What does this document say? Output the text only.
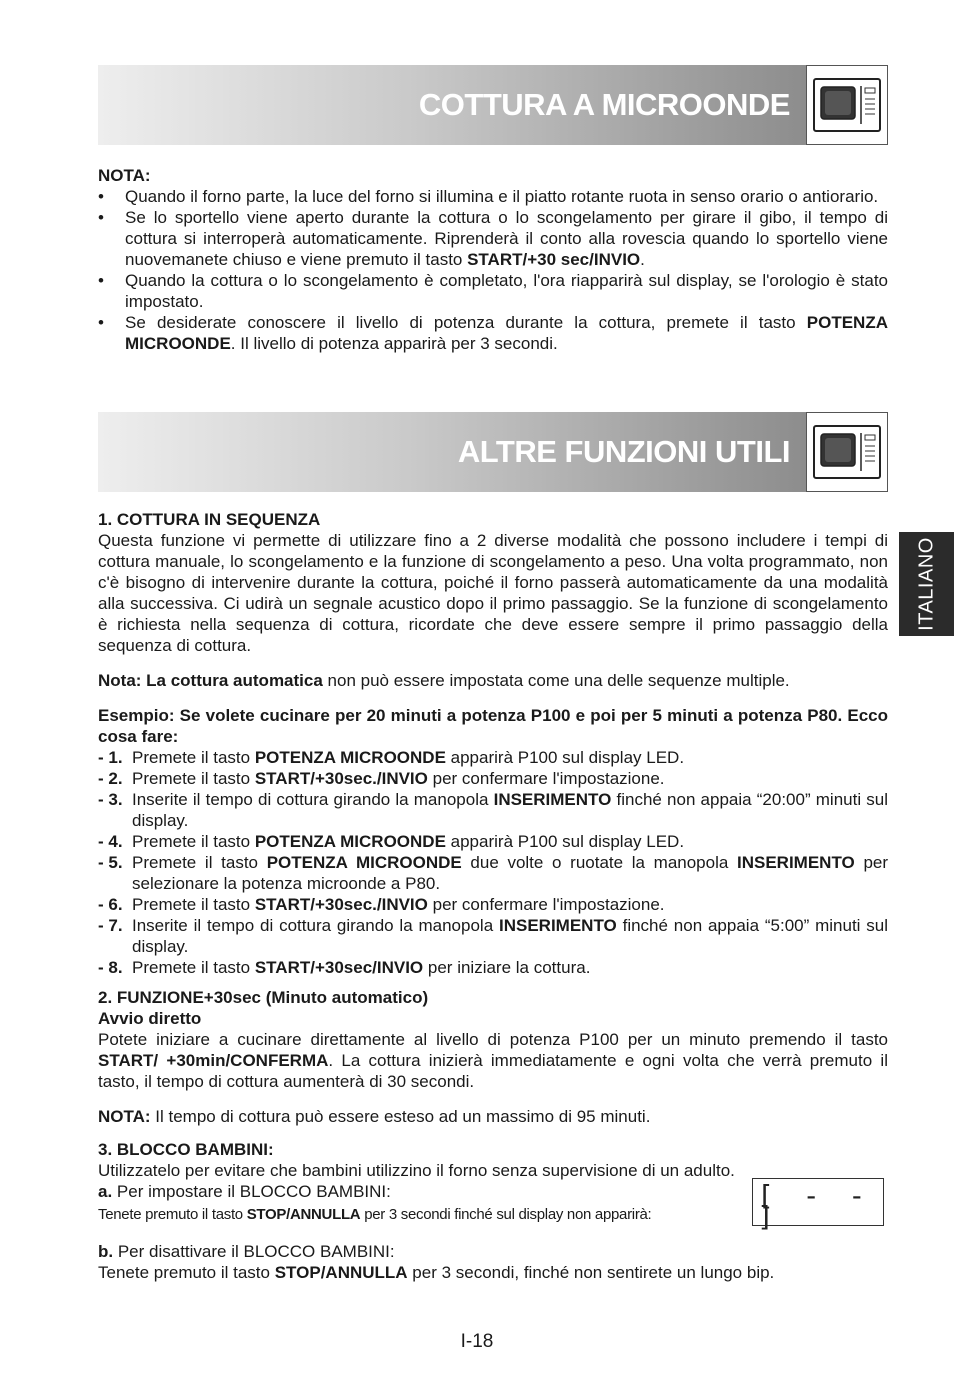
COTTURA A MICROONDE
NOTA:
• Quando il forno parte, la luce del forno si illumina e il piatto rotante ruota in senso orario o antiorario.
• Se lo sportello viene aperto durante la cottura o lo scongelamento per girare il gibo, il tempo di cottura si interroperà automaticamente. Riprenderà il conto alla rovescia quando lo sportello viene nuovemanete chiuso e viene premuto il tasto START/+30 sec/INVIO.
• Quando la cottura o lo scongelamento è completato, l'ora riapparirà sul display, se l'orologio è stato impostato.
• Se desiderate conoscere il livello di potenza durante la cottura, premete il tasto POTENZA MICROONDE. Il livello di potenza apparirà per 3 secondi.
ALTRE FUNZIONI UTILI
1. COTTURA IN SEQUENZA

Questa funzione vi permette di utilizzare fino a 2 diverse modalità che possono includere i tempi di cottura manuale, lo scongelamento e la funzione di scongelamento a peso. Una volta programmato, non c'è bisogno di intervenire durante la cottura, poiché il forno passerà automaticamente da una modalità alla successiva. Ci udirà un segnale acustico dopo il primo passaggio. Se la funzione di scongelamento è richiesta nella sequenza di cottura, ricordate che deve essere sempre il primo passaggio della sequenza di cottura.

Nota: La cottura automatica non può essere impostata come una delle sequenze multiple.

Esempio: Se volete cucinare per 20 minuti a potenza P100 e poi per 5 minuti a potenza P80. Ecco cosa fare:

- 1. Premete il tasto POTENZA MICROONDE apparirà P100 sul display LED.
- 2. Premete il tasto START/+30sec./INVIO per confermare l'impostazione.
- 3. Inserite il tempo di cottura girando la manopola INSERIMENTO finché non appaia “20:00” minuti sul display.
- 4. Premete il tasto POTENZA MICROONDE apparirà P100 sul display LED.
- 5. Premete il tasto POTENZA MICROONDE due volte o ruotate la manopola INSERIMENTO per selezionare la potenza microonde a P80.
- 6. Premete il tasto START/+30sec./INVIO per confermare l'impostazione.
- 7. Inserite il tempo di cottura girando la manopola INSERIMENTO finché non appaia “5:00” minuti sul display.
- 8. Premete il tasto START/+30sec/INVIO per iniziare la cottura.
2. FUNZIONE+30sec (Minuto automatico)
Avvio diretto

Potete iniziare a cucinare direttamente al livello di potenza P100 per un minuto premendo il tasto START/ +30min/CONFERMA. La cottura inizierà immediatamente e ogni volta che verrà premuto il tasto, il tempo di cottura aumenterà di 30 secondi.

NOTA: Il tempo di cottura può essere esteso ad un massimo di 95 minuti.

3. BLOCCO BAMBINI:

Utilizzatelo per evitare che bambini utilizzino il forno senza supervisione di un adulto.

a. Per impostare il BLOCCO BAMBINI:
Tenete premuto il tasto STOP/ANNULLA per 3 secondi finché sul display non apparirà:
b. Per disattivare il BLOCCO BAMBINI:
Tenete premuto il tasto STOP/ANNULLA per 3 secondi, finché non sentirete un lungo bip.
[ - - ]
ITALIANO
I-18
